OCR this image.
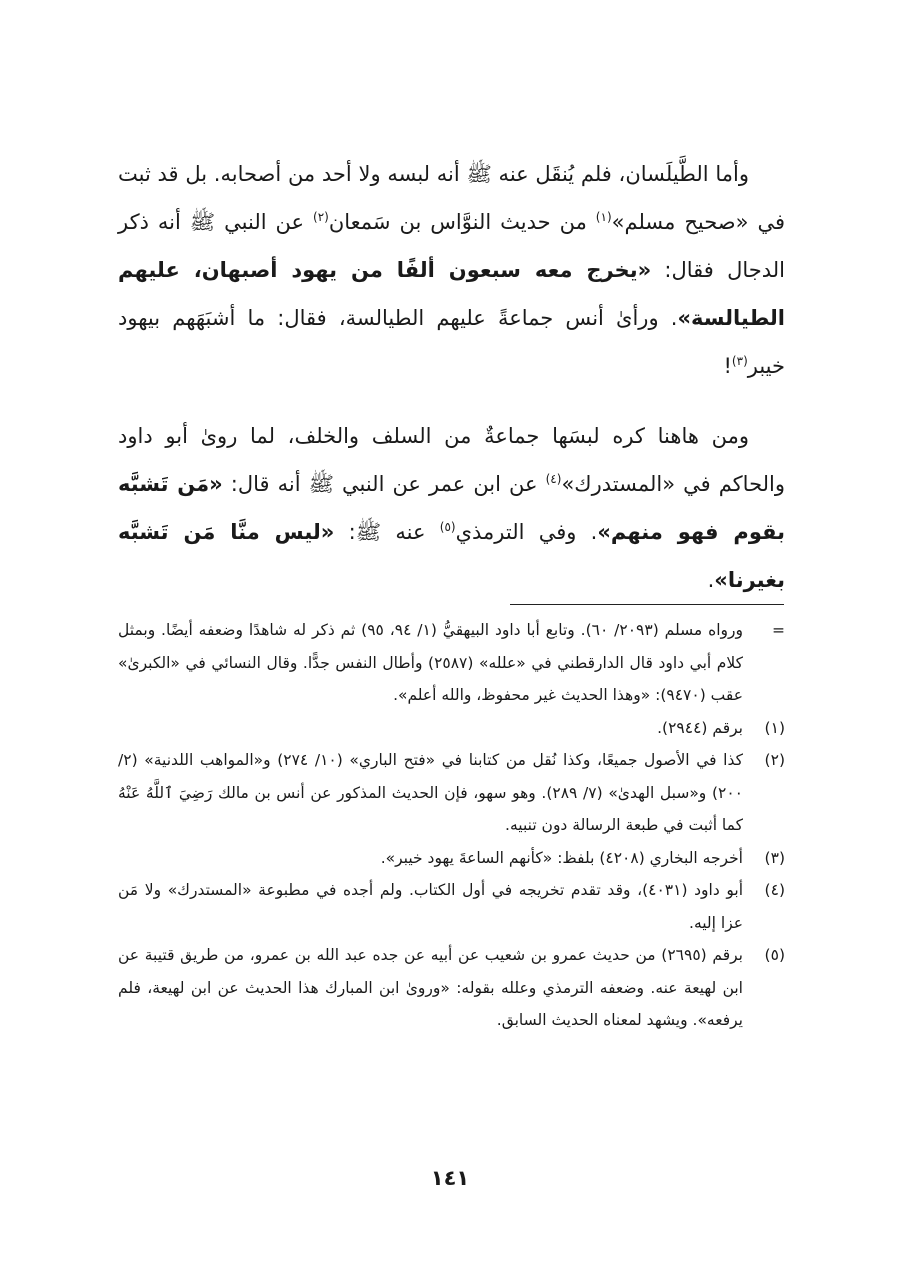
وأما الطَّيلَسان، فلم يُنقَل عنه ﷺ أنه لبسه ولا أحد من أصحابه. بل قد ثبت في «صحيح مسلم»$^{(١)}$ من حديث النوَّاس بن سَمعان$^{(٢)}$ عن النبي ﷺ أنه ذكر الدجال فقال: «يخرج معه سبعون ألفًا من يهود أصبهان، عليهم الطيالسة». ورأىٰ أنس جماعةً عليهم الطيالسة، فقال: ما أشبَهَهم بيهود خيبر$^{(٣)}$!

ومن هاهنا كره لبسَها جماعةٌ من السلف والخلف، لما روىٰ أبو داود والحاكم في «المستدرك»$^{(٤)}$ عن ابن عمر عن النبي ﷺ أنه قال: «مَن تَشبَّه بقوم فهو منهم». وفي الترمذي$^{(٥)}$ عنه ﷺ: «ليس منَّا مَن تَشبَّه بغيرنا».

=
ورواه مسلم (٢٠٩٣/ ٦٠). وتابع أبا داود البيهقيُّ (١/ ٩٤، ٩٥) ثم ذكر له شاهدًا وضعفه أيضًا. وبمثل كلام أبي داود قال الدارقطني في «علله» (٢٥٨٧) وأطال النفس جدًّا. وقال النسائي في «الكبرىٰ» عقب (٩٤٧٠): «وهذا الحديث غير محفوظ، والله أعلم».
(١)
برقم (٢٩٤٤).
(٢)
كذا في الأصول جميعًا، وكذا نُقل من كتابنا في «فتح الباري» (١٠/ ٢٧٤) و«المواهب اللدنية» (٢/ ٢٠٠) و«سبل الهدىٰ» (٧/ ٢٨٩). وهو سهو، فإن الحديث المذكور عن أنس بن مالك رَضِيَ ٱللَّهُ عَنْهُ كما أثبت في طبعة الرسالة دون تنبيه.
(٣)
أخرجه البخاري (٤٢٠٨) بلفظ: «كأنهم الساعةَ يهود خيبر».
(٤)
أبو داود (٤٠٣١)، وقد تقدم تخريجه في أول الكتاب. ولم أجده في مطبوعة «المستدرك» ولا مَن عزا إليه.
(٥)
برقم (٢٦٩٥) من حديث عمرو بن شعيب عن أبيه عن جده عبد الله بن عمرو، من طريق قتيبة عن ابن لهيعة عنه. وضعفه الترمذي وعلله بقوله: «وروىٰ ابن المبارك هذا الحديث عن ابن لهيعة، فلم يرفعه». ويشهد لمعناه الحديث السابق.
١٤١
